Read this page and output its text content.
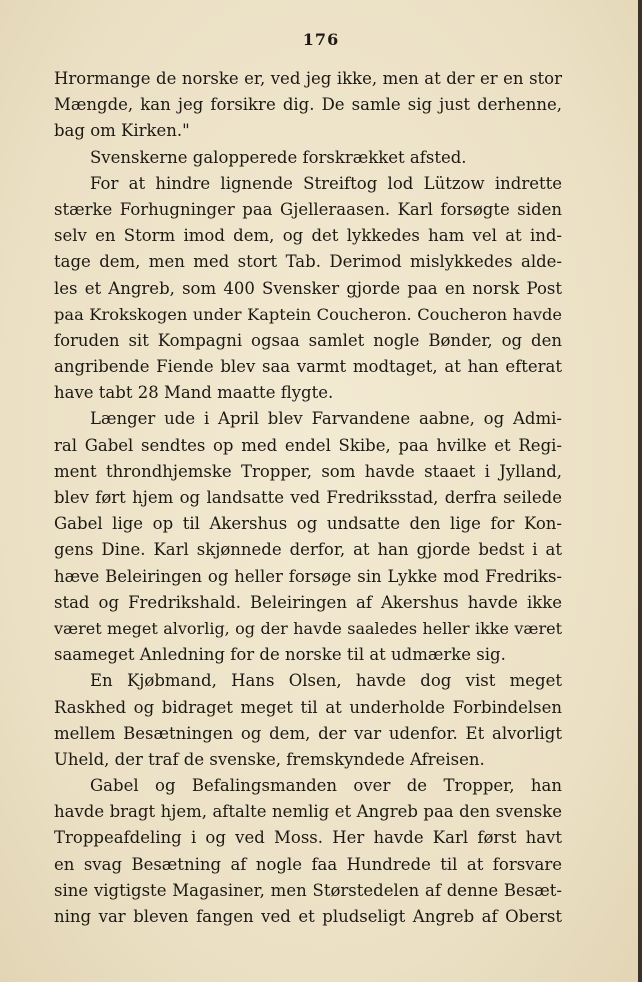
176
Hrormange de norske er, ved jeg ikke, men at der er en stor
Mængde, kan jeg forsikre dig. De samle sig just derhenne,
bag om Kirken."
Svenskerne galopperede forskrækket afsted.
For at hindre lignende Streiftog lod Lützow indrette
stærke Forhugninger paa Gjelleraasen. Karl forsøgte siden
selv en Storm imod dem, og det lykkedes ham vel at ind-
tage dem, men med stort Tab. Derimod mislykkedes alde-
les et Angreb, som 400 Svensker gjorde paa en norsk Post
paa Krokskogen under Kaptein Coucheron. Coucheron havde
foruden sit Kompagni ogsaa samlet nogle Bønder, og den
angribende Fiende blev saa varmt modtaget, at han efterat
have tabt 28 Mand maatte flygte.
Længer ude i April blev Farvandene aabne, og Admi-
ral Gabel sendtes op med endel Skibe, paa hvilke et Regi-
ment throndhjemske Tropper, som havde staaet i Jylland,
blev ført hjem og landsatte ved Fredriksstad, derfra seilede
Gabel lige op til Akershus og undsatte den lige for Kon-
gens Dine. Karl skjønnede derfor, at han gjorde bedst i at
hæve Beleiringen og heller forsøge sin Lykke mod Fredriks-
stad og Fredrikshald. Beleiringen af Akershus havde ikke
været meget alvorlig, og der havde saaledes heller ikke været
saameget Anledning for de norske til at udmærke sig.
En Kjøbmand, Hans Olsen, havde dog vist meget
Raskhed og bidraget meget til at underholde Forbindelsen
mellem Besætningen og dem, der var udenfor. Et alvorligt
Uheld, der traf de svenske, fremskyndede Afreisen.
Gabel og Befalingsmanden over de Tropper, han
havde bragt hjem, aftalte nemlig et Angreb paa den svenske
Troppeafdeling i og ved Moss. Her havde Karl først havt
en svag Besætning af nogle faa Hundrede til at forsvare
sine vigtigste Magasiner, men Størstedelen af denne Besæt-
ning var bleven fangen ved et pludseligt Angreb af Oberst
